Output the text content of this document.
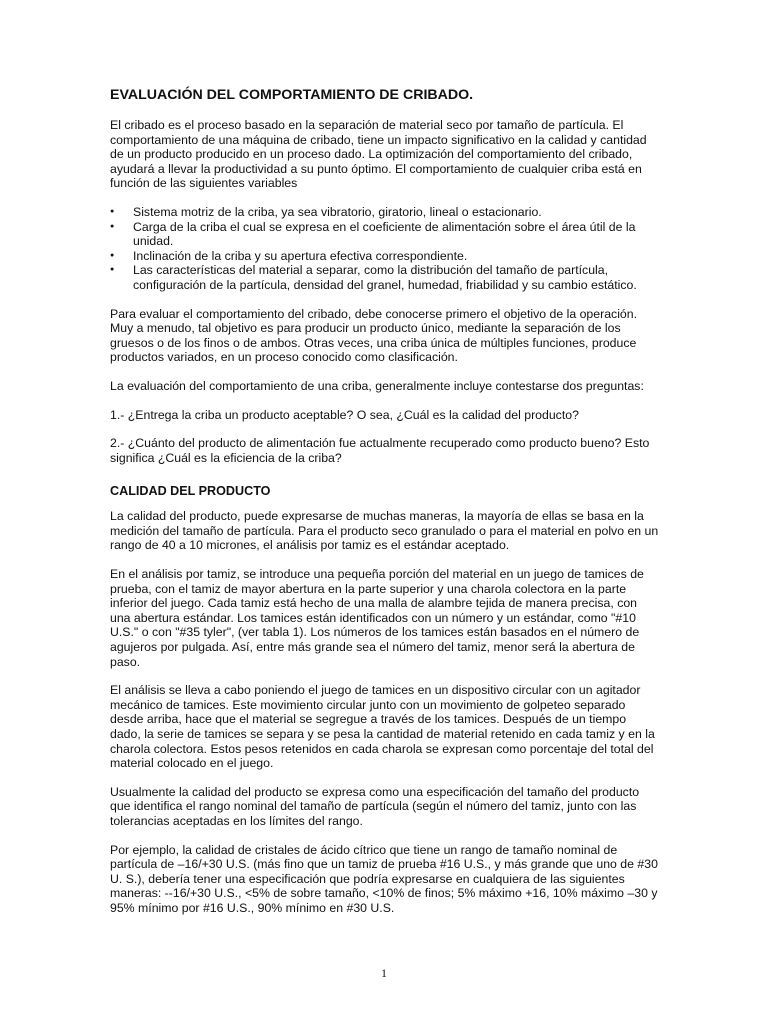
EVALUACIÓN DEL COMPORTAMIENTO DE CRIBADO.

El cribado es el proceso basado en la separación de material seco por tamaño de partícula. El comportamiento de una máquina de cribado, tiene un impacto significativo en la calidad y cantidad de un producto producido en un proceso dado. La optimización del comportamiento del cribado, ayudará a llevar la productividad a su punto óptimo. El comportamiento de cualquier criba está en función de las siguientes variables

● Sistema motriz de la criba, ya sea vibratorio, giratorio, lineal o estacionario.
● Carga de la criba el cual se expresa en el coeficiente de alimentación sobre el área útil de la unidad.
● Inclinación de la criba y su apertura efectiva correspondiente.
● Las características del material a separar, como la distribución del tamaño de partícula, configuración de la partícula, densidad del granel, humedad, friabilidad y su cambio estático.

Para evaluar el comportamiento del cribado, debe conocerse primero el objetivo de la operación. Muy a menudo, tal objetivo es para producir un producto único, mediante la separación de los gruesos o de los finos o de ambos. Otras veces, una criba única de múltiples funciones, produce productos variados, en un proceso conocido como clasificación.

La evaluación del comportamiento de una criba, generalmente incluye contestarse dos preguntas:

1.- ¿Entrega la criba un producto aceptable? O sea, ¿Cuál es la calidad del producto?

2.- ¿Cuánto del producto de alimentación fue actualmente recuperado como producto bueno? Esto significa ¿Cuál es la eficiencia de la criba?

CALIDAD DEL PRODUCTO

La calidad del producto, puede expresarse de muchas maneras, la mayoría de ellas se basa en la medición del tamaño de partícula. Para el producto seco granulado o para el material en polvo en un rango de 40 a 10 micrones, el análisis por tamiz es el estándar aceptado.

En el análisis por tamiz, se introduce una pequeña porción del material en un juego de tamices de prueba, con el tamiz de mayor abertura en la parte superior y una charola colectora en la parte inferior del juego. Cada tamiz está hecho de una malla de alambre tejida de manera precisa, con una abertura estándar. Los tamices están identificados con un número y un estándar, como "#10 U.S." o con "#35 tyler", (ver tabla 1). Los números de los tamices están basados en el número de agujeros por pulgada. Así, entre más grande sea el número del tamiz, menor será la abertura de paso.

El análisis se lleva a cabo poniendo el juego de tamices en un dispositivo circular con un agitador mecánico de tamices. Este movimiento circular junto con un movimiento de golpeteo separado desde arriba, hace que el material se segregue a través de los tamices. Después de un tiempo dado, la serie de tamices se separa y se pesa la cantidad de material retenido en cada tamiz y en la charola colectora. Estos pesos retenidos en cada charola se expresan como porcentaje del total del material colocado en el juego.

Usualmente la calidad del producto se expresa como una especificación del tamaño del producto que identifica el rango nominal del tamaño de partícula (según el número del tamiz, junto con las tolerancias aceptadas en los límites del rango.

Por ejemplo, la calidad de cristales de ácido cítrico que tiene un rango de tamaño nominal de partícula de –16/+30 U.S. (más fino que un tamiz de prueba #16 U.S., y más grande que uno de #30 U. S.), debería tener una especificación que podría expresarse en cualquiera de las siguientes maneras: --16/+30 U.S., <5% de sobre tamaño, <10% de finos; 5% máximo +16, 10% máximo –30 y 95% mínimo por #16 U.S., 90% mínimo en #30 U.S.

1
